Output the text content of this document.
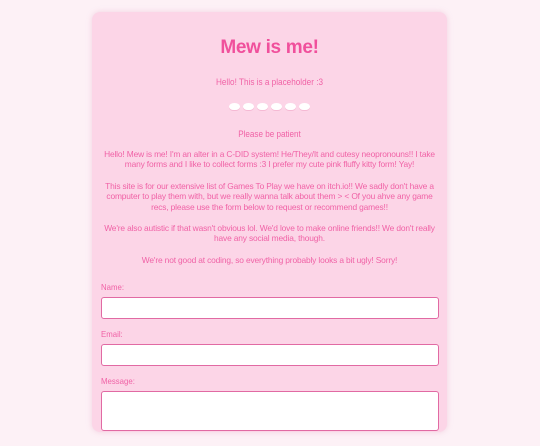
Mew is me!
Hello! This is a placeholder :3
Please be patient

Hello! Mew is me! I'm an alter in a C-DID system! He/They/It and cutesy neopronouns!! I take many forms and I like to collect forms :3 I prefer my cute pink fluffy kitty form! Yay!

This site is for our extensive list of Games To Play we have on itch.io!! We sadly don't have a computer to play them with, but we really wanna talk about them > < Of you ahve any game recs, please use the form below to request or recommend games!!

We're also autistic if that wasn't obvious lol. We'd love to make online friends!! We don't really have any social media, though.

We're not good at coding, so everything probably looks a bit ugly! Sorry!

Name:
Email:
Message:
